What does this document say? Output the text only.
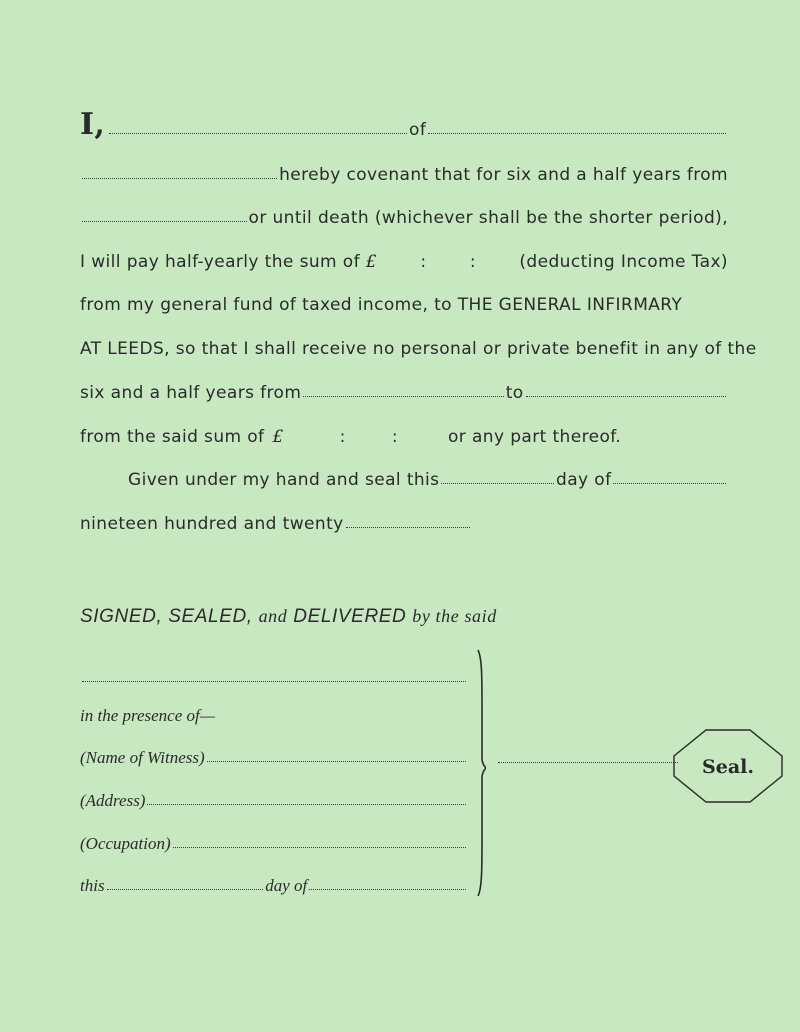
I,	of
hereby covenant that for six and a half years from
or until death (whichever shall be the shorter period),
I will pay half-yearly the sum of £	:	:	(deducting Income Tax)
from my general fund of taxed income, to THE GENERAL INFIRMARY
AT LEEDS, so that I shall receive no personal or private benefit in any of the
six and a half years from	to
from the said sum of £	:	:	or any part thereof.
Given under my hand and seal this	day of
nineteen hundred and twenty
SIGNED, SEALED, and DELIVERED by the said
in the presence of—
(Name of Witness)
(Address)
(Occupation)
this	day of
Seal.
